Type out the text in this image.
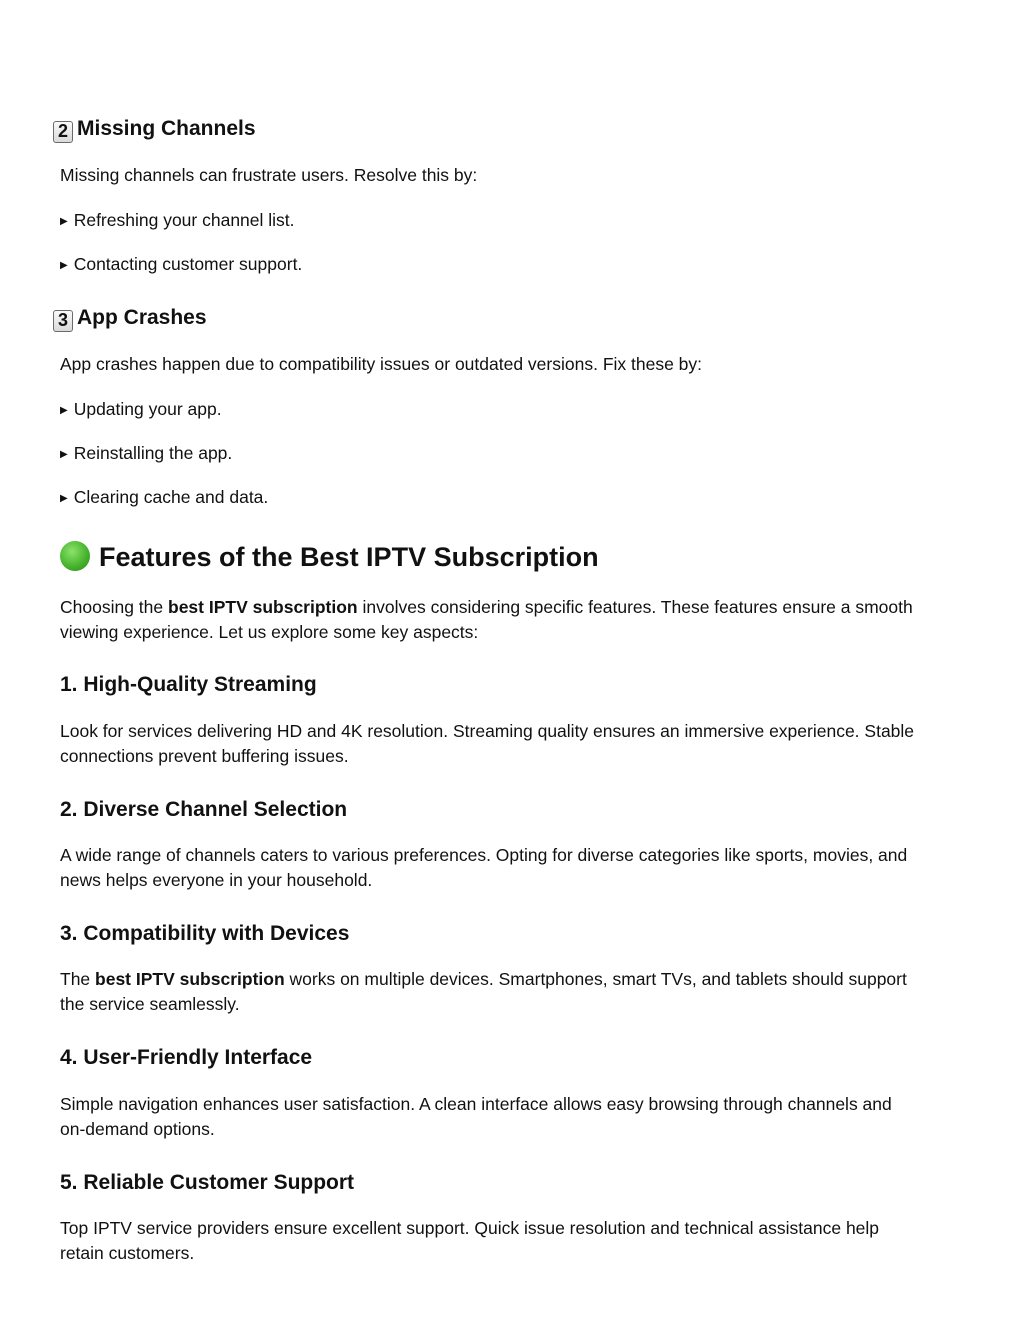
2 Missing Channels
Missing channels can frustrate users. Resolve this by:
▶ Refreshing your channel list.
▶ Contacting customer support.
3 App Crashes
App crashes happen due to compatibility issues or outdated versions. Fix these by:
▶ Updating your app.
▶ Reinstalling the app.
▶ Clearing cache and data.
Features of the Best IPTV Subscription
Choosing the best IPTV subscription involves considering specific features. These features ensure a smooth
viewing experience. Let us explore some key aspects:
1. High-Quality Streaming
Look for services delivering HD and 4K resolution. Streaming quality ensures an immersive experience. Stable
connections prevent buffering issues.
2. Diverse Channel Selection
A wide range of channels caters to various preferences. Opting for diverse categories like sports, movies, and
news helps everyone in your household.
3. Compatibility with Devices
The best IPTV subscription works on multiple devices. Smartphones, smart TVs, and tablets should support
the service seamlessly.
4. User-Friendly Interface
Simple navigation enhances user satisfaction. A clean interface allows easy browsing through channels and
on-demand options.
5. Reliable Customer Support
Top IPTV service providers ensure excellent support. Quick issue resolution and technical assistance help
retain customers.
